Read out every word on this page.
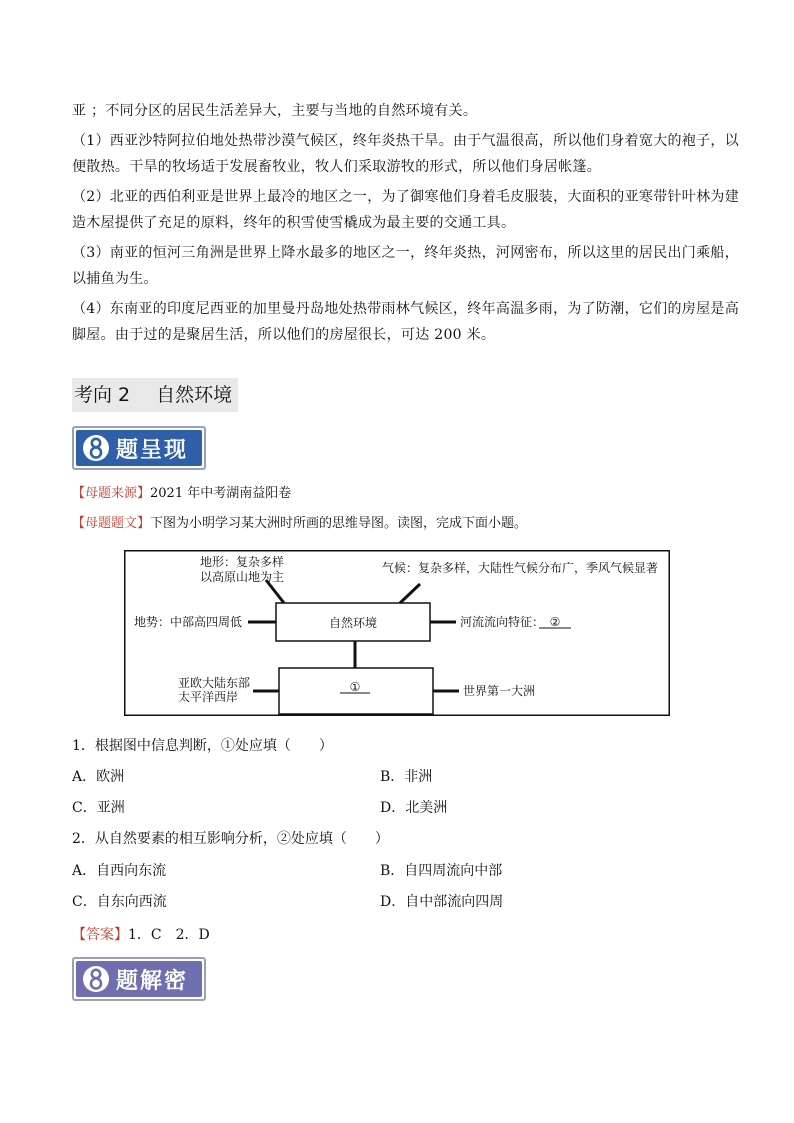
亚 ；不同分区的居民生活差异大，主要与当地的自然环境有关。
（1）西亚沙特阿拉伯地处热带沙漠气候区，终年炎热干旱。由于气温很高，所以他们身着宽大的袍子，以
便散热。干旱的牧场适于发展畜牧业，牧人们采取游牧的形式，所以他们身居帐篷。
（2）北亚的西伯利亚是世界上最冷的地区之一，为了御寒他们身着毛皮服装，大面积的亚寒带针叶林为建
造木屋提供了充足的原料，终年的积雪使雪橇成为最主要的交通工具。
（3）南亚的恒河三角洲是世界上降水最多的地区之一，终年炎热，河网密布，所以这里的居民出门乘船，
以捕鱼为生。
（4）东南亚的印度尼西亚的加里曼丹岛地处热带雨林气候区，终年高温多雨，为了防潮，它们的房屋是高
脚屋。由于过的是聚居生活，所以他们的房屋很长，可达 200 米。
考向 2 自然环境
题呈现
【母题来源】2021 年中考湖南益阳卷
【母题题文】下图为小明学习某大洲时所画的思维导图。读图，完成下面小题。
地形：复杂多样
以高原山地为主
气候：复杂多样，大陆性气候分布广，季风气候显著
地势：中部高四周低	自然环境	河流流向特征： ②
亚欧大陆东部
太平洋西岸
①	世界第一大洲
1．根据图中信息判断，①处应填（　　）
A．欧洲	B．非洲
C．亚洲	D．北美洲
2．从自然要素的相互影响分析，②处应填（　　）
A．自西向东流	B．自四周流向中部
C．自东向西流	D．自中部流向四周
【答案】1．C　2．D
题解密
